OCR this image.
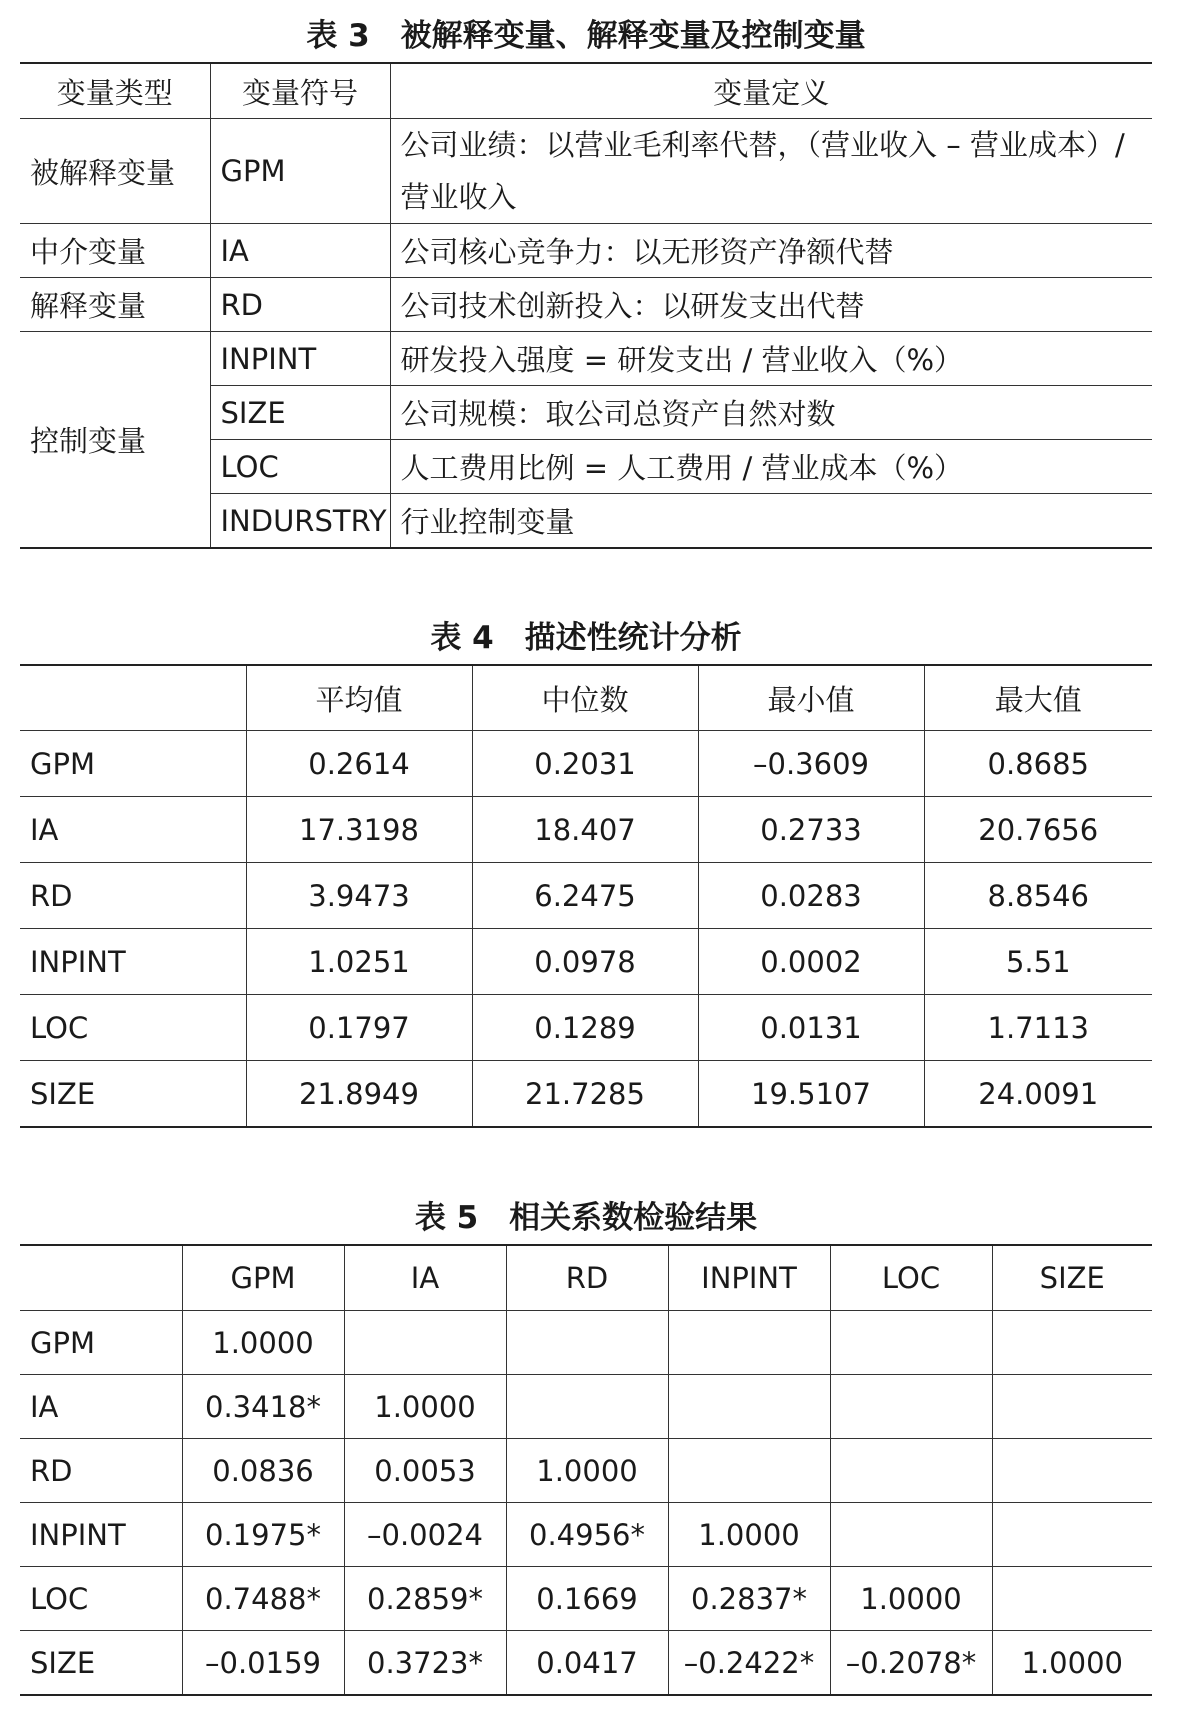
表 3　被解释变量、解释变量及控制变量
变量类型	变量符号	变量定义
被解释变量	GPM	公司业绩：以营业毛利率代替，（营业收入 – 营业成本）/营业收入
中介变量	IA	公司核心竞争力：以无形资产净额代替
解释变量	RD	公司技术创新投入：以研发支出代替
控制变量	INPINT	研发投入强度 = 研发支出 / 营业收入（%）
	SIZE	公司规模：取公司总资产自然对数
	LOC	人工费用比例 = 人工费用 / 营业成本（%）
	INDURSTRY	行业控制变量
表 4　描述性统计分析
	平均值	中位数	最小值	最大值
GPM	0.2614	0.2031	–0.3609	0.8685
IA	17.3198	18.407	0.2733	20.7656
RD	3.9473	6.2475	0.0283	8.8546
INPINT	1.0251	0.0978	0.0002	5.51
LOC	0.1797	0.1289	0.0131	1.7113
SIZE	21.8949	21.7285	19.5107	24.0091
表 5　相关系数检验结果
	GPM	IA	RD	INPINT	LOC	SIZE
GPM	1.0000					
IA	0.3418*	1.0000				
RD	0.0836	0.0053	1.0000			
INPINT	0.1975*	–0.0024	0.4956*	1.0000		
LOC	0.7488*	0.2859*	0.1669	0.2837*	1.0000	
SIZE	–0.0159	0.3723*	0.0417	–0.2422*	–0.2078*	1.0000
